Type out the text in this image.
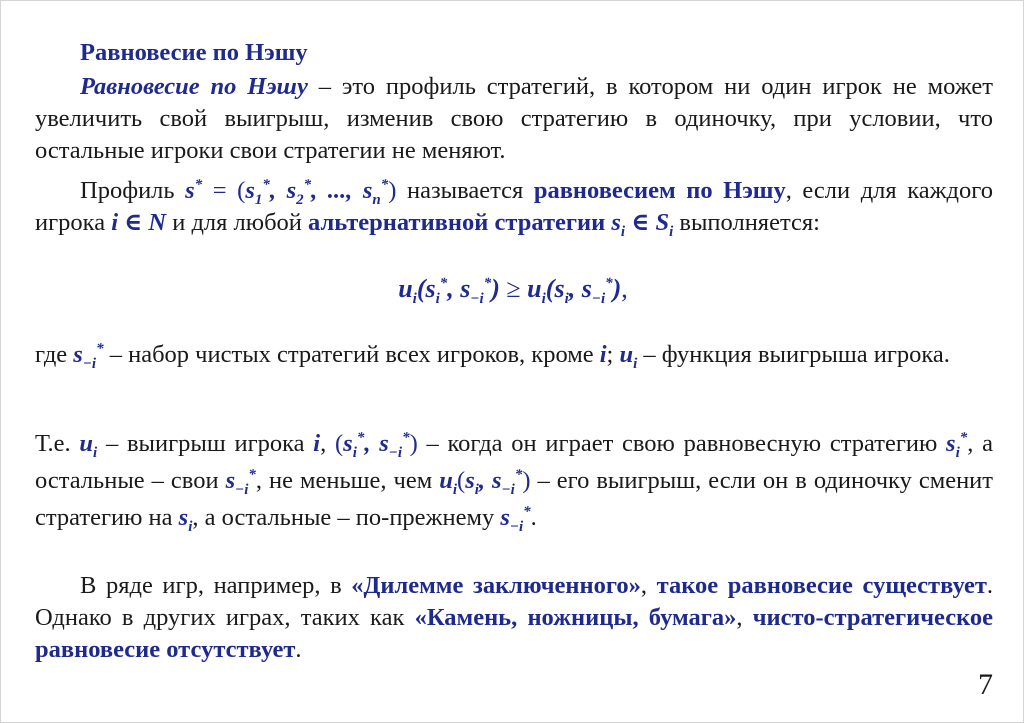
Равновесие по Нэшу

Равновесие по Нэшу – это профиль стратегий, в котором ни один игрок не может увеличить свой выигрыш, изменив свою стратегию в одиночку, при условии, что остальные игроки свои стратегии не меняют.

Профиль $s^* = (s_1^*$, $s_2^*$, ..., $s_n^*$) называется равновесием по Нэшу, если для каждого игрока i ∈ N и для любой альтернативной стратегии $s_i$ ∈ $S_i$ выполняется:

$u_i(s_i^*$, $s_{-i}^*) \ge u_i(s_i$, $s_{-i}^*$),

где $s_{-i}^*$ – набор чистых стратегий всех игроков, кроме i; $u_i$ – функция выигрыша игрока.

Т.е. $u_i$ – выигрыш игрока i, ($s_i^*$, $s_{-i}^*$) – когда он играет свою равновесную стратегию $s_i^*$, а остальные – свои $s_{-i}^*$, не меньше, чем $u_i(s_i$, $s_{-i}^*$) – его выигрыш, если он в одиночку сменит стратегию на $s_i$, а остальные – по-прежнему $s_{-i}^*$.

В ряде игр, например, в «Дилемме заключенного», такое равновесие существует. Однако в других играх, таких как «Камень, ножницы, бумага», чисто-стратегическое равновесие отсутствует.

7
